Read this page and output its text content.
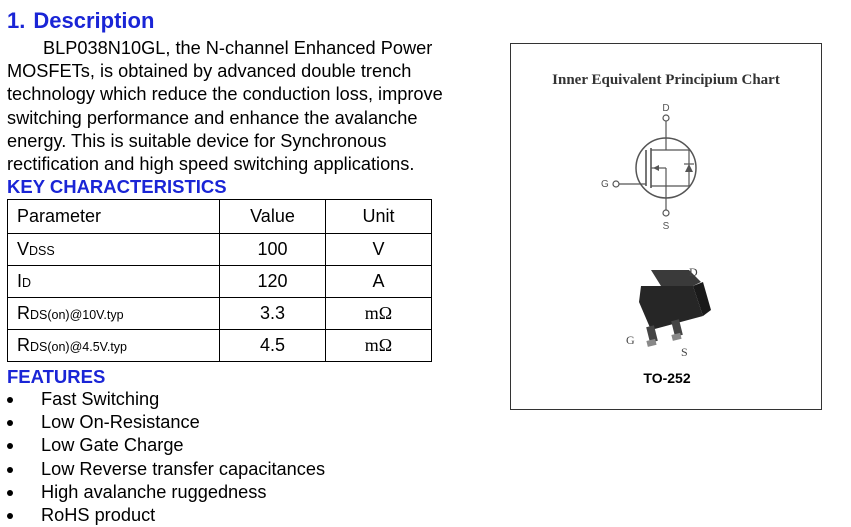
1. Description
BLP038N10GL, the N-channel Enhanced Power
MOSFETs, is obtained by advanced double trench
technology which reduce the conduction loss, improve
switching performance and enhance the avalanche
energy. This is suitable device for Synchronous
rectification and high speed switching applications.
KEY CHARACTERISTICS
Parameter	Value	Unit
VDSS	100	V
ID	120	A
RDS(on)@10V.typ	3.3	mΩ
RDS(on)@4.5V.typ	4.5	mΩ
FEATURES
Fast Switching
Low On-Resistance
Low Gate Charge
Low Reverse transfer capacitances
High avalanche ruggedness
RoHS product
Inner Equivalent Principium Chart
D
S
G
D
G
S
TO-252
